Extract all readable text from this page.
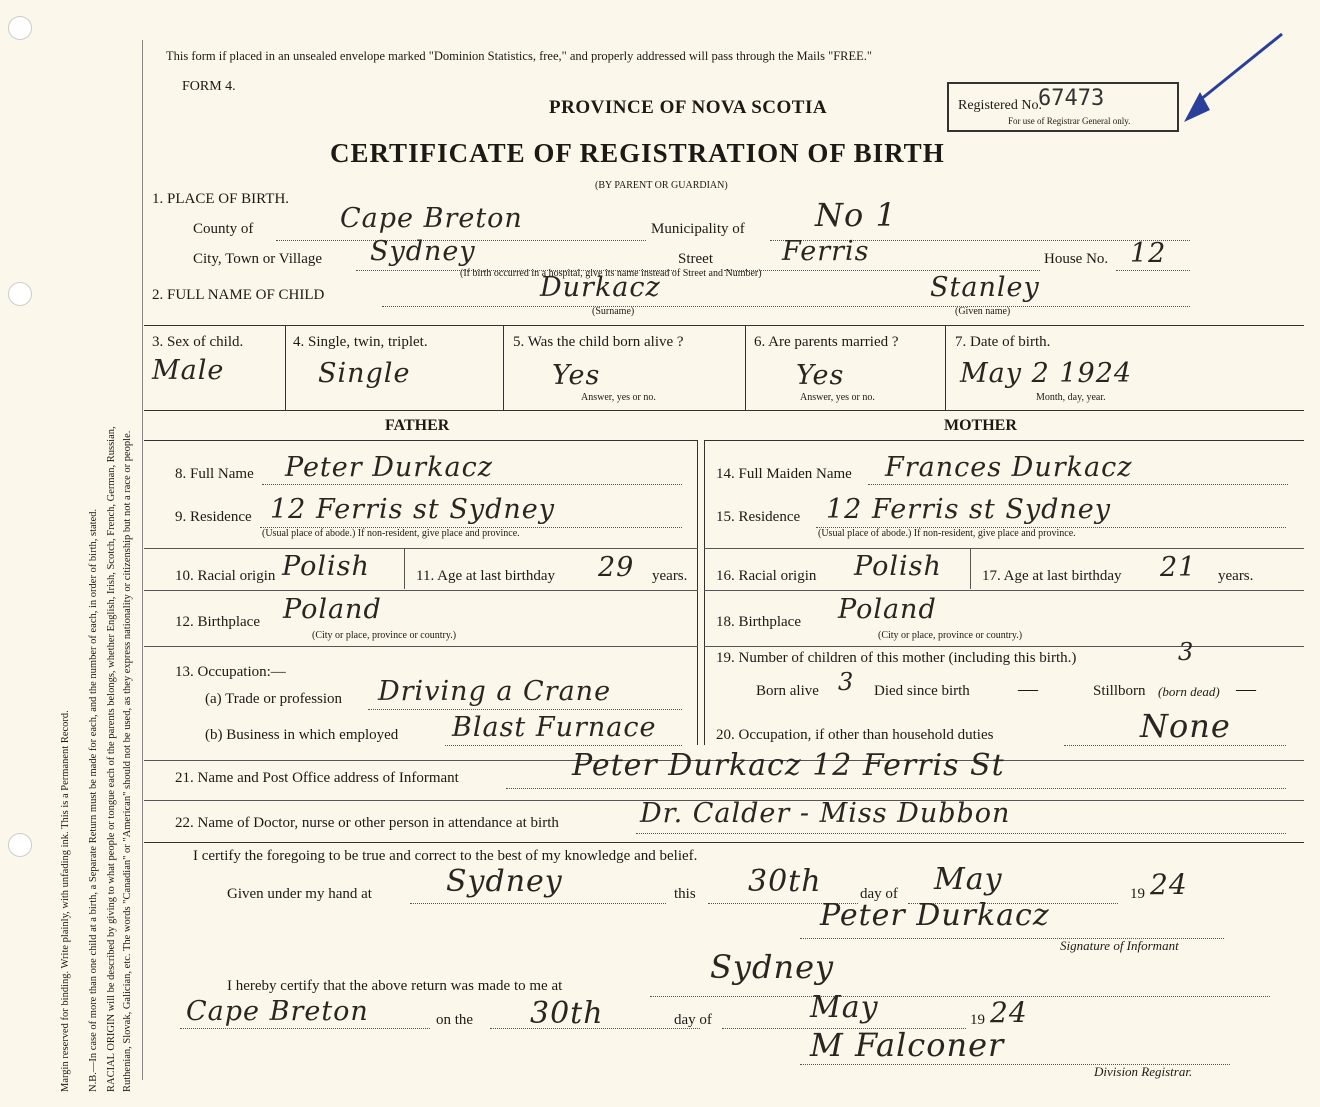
Margin reserved for binding. Write plainly, with unfading ink. This is a Permanent Record. N.B.—In case of more than one child at a birth, a Separate Return must be made for each, and the number of each, in order of birth, stated. RACIAL ORIGIN will be described by giving to what people or tongue each of the parents belongs, whether English, Irish, Scotch, French, German, Russian, Ruthenian, Slovak, Galician, etc. The words "Canadian" or "American" should not be used, as they express nationality or citizenship but not a race or people.
This form if placed in an unsealed envelope marked "Dominion Statistics, free," and properly addressed will pass through the Mails "FREE."
FORM 4.
PROVINCE OF NOVA SCOTIA	Registered No.
67473
For use of Registrar General only.
CERTIFICATE OF REGISTRATION OF BIRTH
(BY PARENT OR GUARDIAN)
1. PLACE OF BIRTH.
County of	Cape Breton	Municipality of No 1
City, Town or Village Sydney	Street	Ferris	House No. 12
(If birth occurred in a hospital, give its name instead of Street and Number)
2. FULL NAME OF CHILD	Durkacz
(Surname)
Stanley
(Given name)
3. Sex of child.
Male
4. Single, twin, triplet.
Single
5. Was the child born alive ?
Yes
Answer, yes or no.
6. Are parents married ?
Yes
Answer, yes or no.
7. Date of birth.
May 2 1924
Month, day, year.
FATHER
8. Full Name Peter Durkacz
9. Residence 12 Ferris st Sydney
(Usual place of abode.) If non-resident, give place and province.
10. Racial origin Polish	11. Age at last birthday 29 years.
12. Birthplace Poland
(City or place, province or country.)
13. Occupation:—
(a) Trade or profession Driving a Crane
(b) Business in which employed Blast Furnace
MOTHER
14. Full Maiden Name Frances Durkacz
15. Residence 12 Ferris st Sydney
(Usual place of abode.) If non-resident, give place and province.
16. Racial origin Polish	17. Age at last birthday 21 years.
18. Birthplace Poland
(City or place, province or country.)
19. Number of children of this mother (including this birth.)	3
Born alive 3 Died since birth —	Stillborn (born dead) —
20. Occupation, if other than household duties	None
21. Name and Post Office address of Informant	Peter Durkacz 12 Ferris St
22. Name of Doctor, nurse or other person in attendance at birth	Dr. Calder - Miss Dubbon
I certify the foregoing to be true and correct to the best of my knowledge and belief.
Given under my hand at Sydney	this 30th	day of May	19 24
Peter Durkacz
Signature of Informant
I hereby certify that the above return was made to me at	Sydney
Cape Breton	on the 30th	day of	May	19 24
M Falconer
Division Registrar.
